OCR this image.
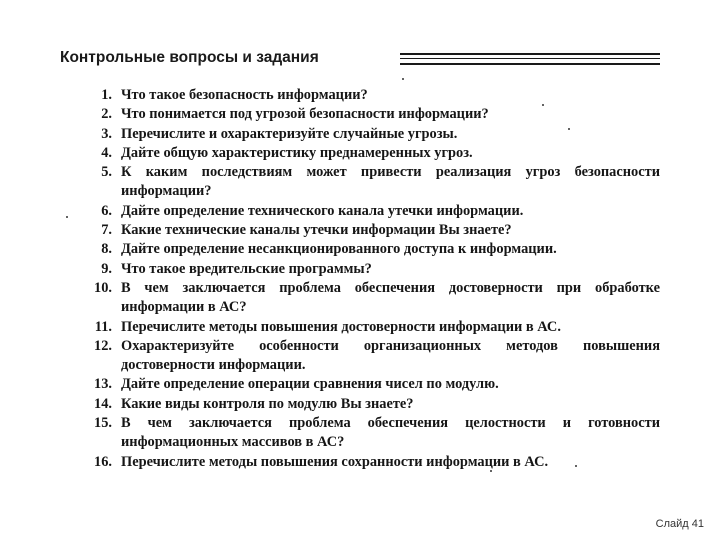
Контрольные вопросы и задания
1. Что такое безопасность информации?
2. Что понимается под угрозой безопасности информации?
3. Перечислите и охарактеризуйте случайные угрозы.
4. Дайте общую характеристику преднамеренных угроз.
5. К каким последствиям может привести реализация угроз безопасности информации?
6. Дайте определение технического канала утечки информации.
7. Какие технические каналы утечки информации Вы знаете?
8. Дайте определение несанкционированного доступа к информации.
9. Что такое вредительские программы?
10. В чем заключается проблема обеспечения достоверности при обработке информации в АС?
11. Перечислите методы повышения достоверности информации в АС.
12. Охарактеризуйте особенности организационных методов повышения достоверности информации.
13. Дайте определение операции сравнения чисел по модулю.
14. Какие виды контроля по модулю Вы знаете?
15. В чем заключается проблема обеспечения целостности и готовности информационных массивов в АС?
16. Перечислите методы повышения сохранности информации в АС.
Слайд 41
